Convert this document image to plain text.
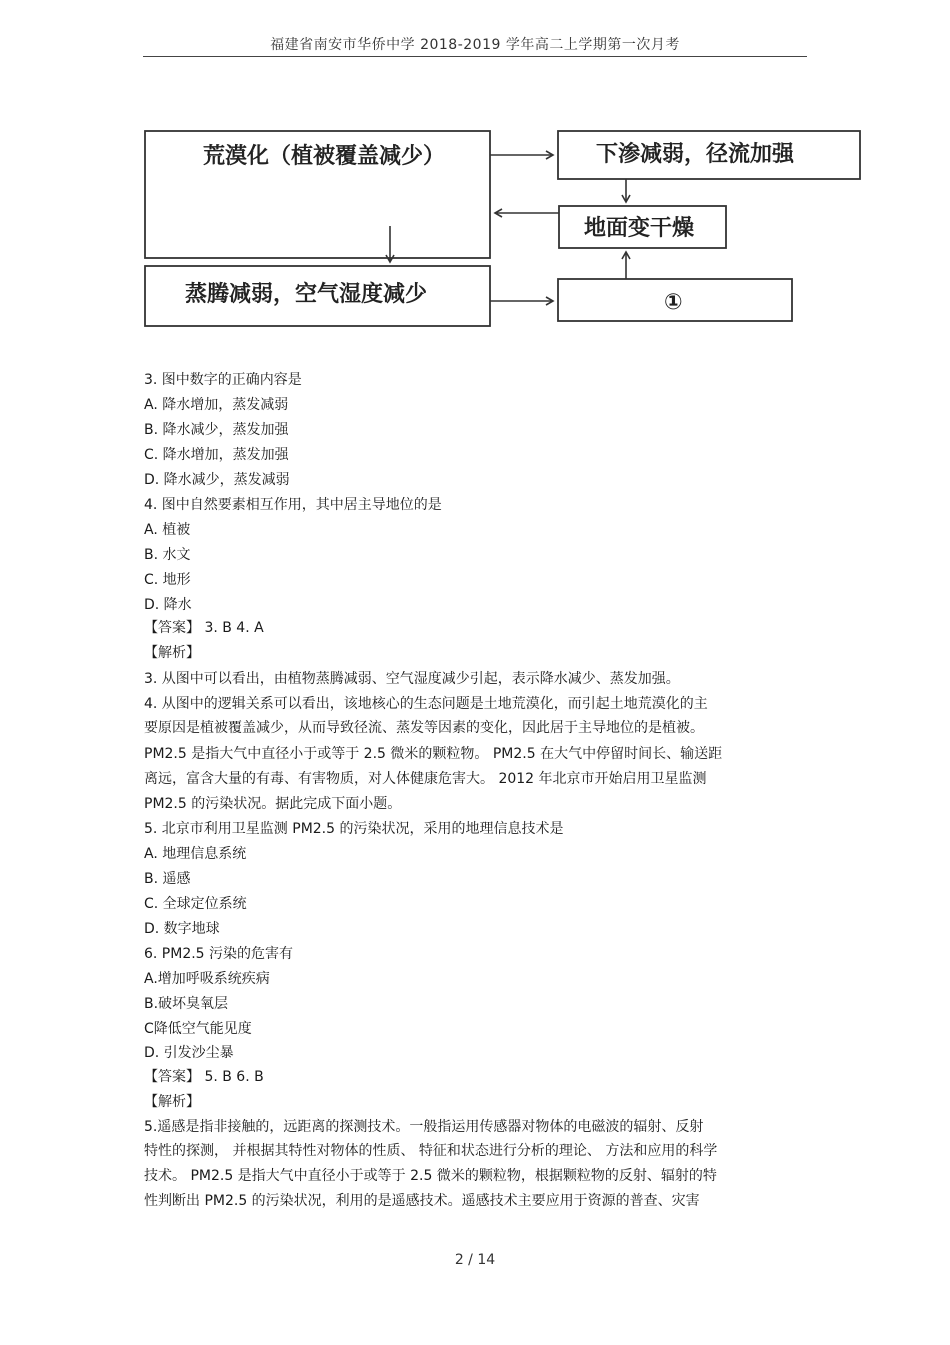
福建省南安市华侨中学 2018-2019 学年高二上学期第一次月考
荒漠化（植被覆盖减少）	下渗减弱，径流加强
地面变干燥
蒸腾减弱，空气湿度减少	①
3. 图中数字的正确内容是
A. 降水增加，蒸发减弱
B. 降水减少，蒸发加强
C. 降水增加，蒸发加强
D. 降水减少，蒸发减弱
4. 图中自然要素相互作用，其中居主导地位的是
A. 植被
B. 水文
C. 地形
D. 降水
【答案】 3. B 4. A
【解析】
3. 从图中可以看出，由植物蒸腾减弱、空气湿度减少引起，表示降水减少、蒸发加强。
4. 从图中的逻辑关系可以看出，该地核心的生态问题是土地荒漠化，而引起土地荒漠化的主
要原因是植被覆盖减少，从而导致径流、蒸发等因素的变化，因此居于主导地位的是植被。
PM2.5 是指大气中直径小于或等于 2.5 微米的颗粒物。 PM2.5 在大气中停留时间长、输送距
离远，富含大量的有毒、有害物质，对人体健康危害大。 2012 年北京市开始启用卫星监测
PM2.5 的污染状况。据此完成下面小题。
5. 北京市利用卫星监测 PM2.5 的污染状况，采用的地理信息技术是
A. 地理信息系统
B. 遥感
C. 全球定位系统
D. 数字地球
6. PM2.5 污染的危害有
A.增加呼吸系统疾病
B.破坏臭氧层
C降低空气能见度
D. 引发沙尘暴
【答案】 5. B 6. B
【解析】
5.遥感是指非接触的，远距离的探测技术。一般指运用传感器对物体的电磁波的辐射、反射
特性的探测， 并根据其特性对物体的性质、 特征和状态进行分析的理论、 方法和应用的科学
技术。 PM2.5 是指大气中直径小于或等于 2.5 微米的颗粒物，根据颗粒物的反射、辐射的特
性判断出 PM2.5 的污染状况，利用的是遥感技术。遥感技术主要应用于资源的普查、灾害
2 / 14
